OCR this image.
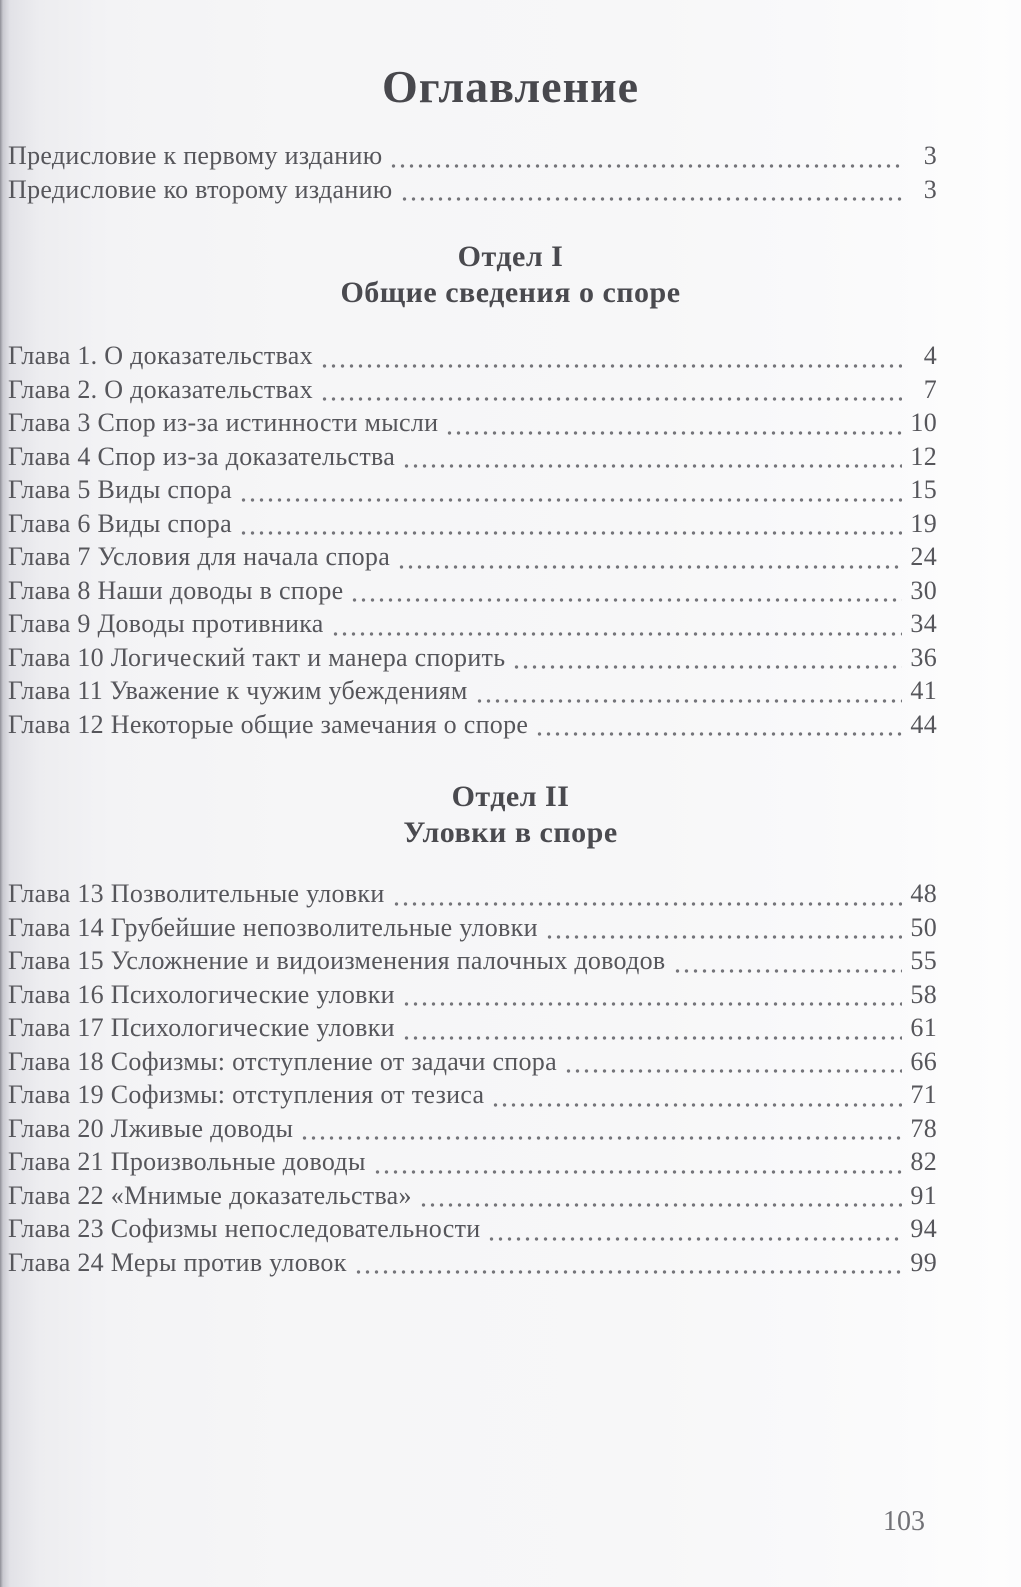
Оглавление
Предисловие к первому изданию	3
Предисловие ко второму изданию	3
Отдел I
Общие сведения о споре
Глава 1. О доказательствах	4
Глава 2. О доказательствах	7
Глава 3 Спор из-за истинности мысли	10
Глава 4 Спор из-за доказательства	12
Глава 5 Виды спора	15
Глава 6 Виды спора	19
Глава 7 Условия для начала спора	24
Глава 8 Наши доводы в споре	30
Глава 9 Доводы противника	34
Глава 10 Логический такт и манера спорить	36
Глава 11 Уважение к чужим убеждениям	41
Глава 12 Некоторые общие замечания о споре	44
Отдел II
Уловки в споре
Глава 13 Позволительные уловки	48
Глава 14 Грубейшие непозволительные уловки	50
Глава 15 Усложнение и видоизменения палочных доводов	55
Глава 16 Психологические уловки	58
Глава 17 Психологические уловки	61
Глава 18 Софизмы: отступление от задачи спора	66
Глава 19 Софизмы: отступления от тезиса	71
Глава 20 Лживые доводы	78
Глава 21 Произвольные доводы	82
Глава 22 «Мнимые доказательства»	91
Глава 23 Софизмы непоследовательности	94
Глава 24 Меры против уловок	99
103
